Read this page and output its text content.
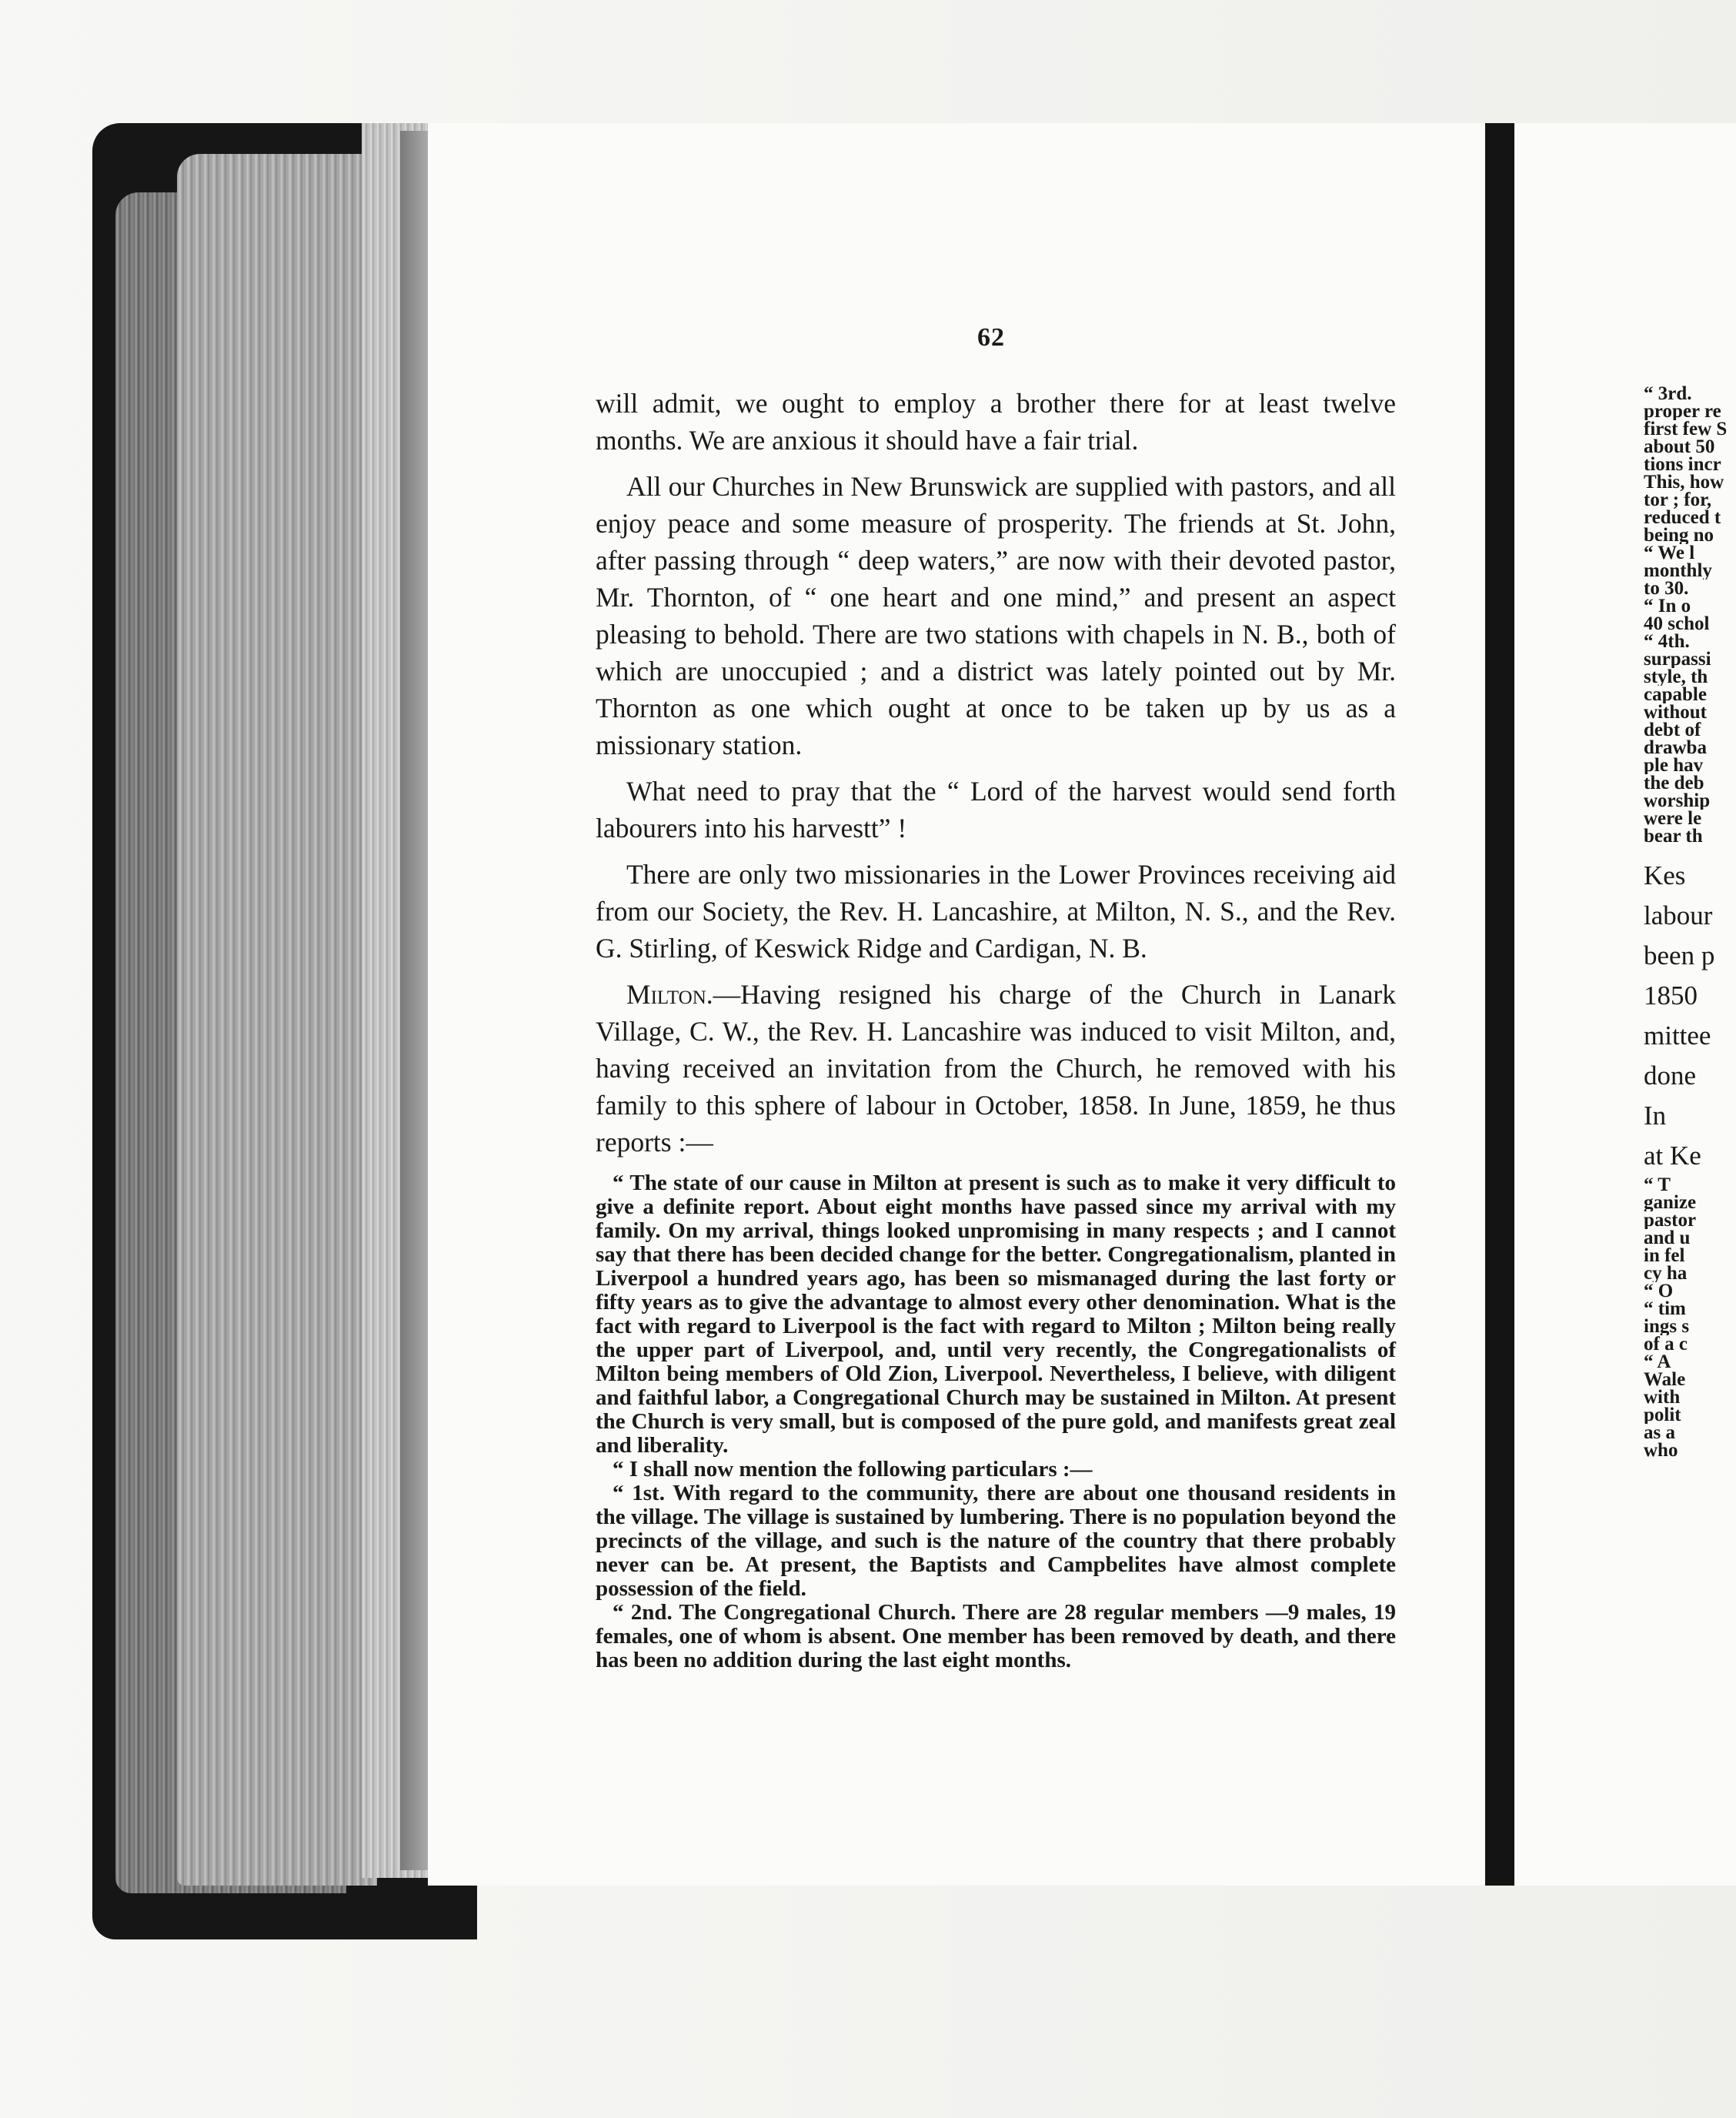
62

will admit, we ought to employ a brother there for at least twelve months. We are anxious it should have a fair trial.

All our Churches in New Brunswick are supplied with pastors, and all enjoy peace and some measure of prosperity. The friends at St. John, after passing through “ deep waters,” are now with their devoted pastor, Mr. Thornton, of “ one heart and one mind,” and present an aspect pleasing to behold. There are two stations with chapels in N. B., both of which are unoccupied ; and a district was lately pointed out by Mr. Thornton as one which ought at once to be taken up by us as a missionary station.

What need to pray that the “ Lord of the harvest would send forth labourers into his harvestt” !

There are only two missionaries in the Lower Provinces receiving aid from our Society, the Rev. H. Lancashire, at Milton, N. S., and the Rev. G. Stirling, of Keswick Ridge and Cardigan, N. B.

Milton.—Having resigned his charge of the Church in Lanark Village, C. W., the Rev. H. Lancashire was induced to visit Milton, and, having received an invitation from the Church, he removed with his family to this sphere of labour in October, 1858. In June, 1859, he thus reports :—

“ The state of our cause in Milton at present is such as to make it very difficult to give a definite report. About eight months have passed since my arrival with my family. On my arrival, things looked unpromising in many respects ; and I cannot say that there has been decided change for the better. Congregationalism, planted in Liverpool a hundred years ago, has been so mismanaged during the last forty or fifty years as to give the advantage to almost every other denomination. What is the fact with regard to Liverpool is the fact with regard to Milton ; Milton being really the upper part of Liverpool, and, until very recently, the Congregationalists of Milton being members of Old Zion, Liverpool. Nevertheless, I believe, with diligent and faithful labor, a Congregational Church may be sustained in Milton. At present the Church is very small, but is composed of the pure gold, and manifests great zeal and liberality.

“ I shall now mention the following particulars :—

“ 1st. With regard to the community, there are about one thousand residents in the village. The village is sustained by lumbering. There is no population beyond the precincts of the village, and such is the nature of the country that there probably never can be. At present, the Baptists and Campbelites have almost complete possession of the field.

“ 2nd. The Congregational Church. There are 28 regular members —9 males, 19 females, one of whom is absent. One member has been removed by death, and there has been no addition during the last eight months.

“ 3rd.
proper re
first few S
about 50
tions incr
This, how
tor ; for,
reduced t
being no
“ We l
monthly
to 30.
“ In o
40 schol
“ 4th.
surpassi
style, th
capable
without
debt of
drawba
ple hav
the deb
worship
were le
bear th
Kes
labour
been p
1850
mittee
done
In
at Ke
“ T
ganize
pastor
and u
in fel
cy ha
“ O
“ tim
ings s
of a c
“ A
Wale
with
polit
as a
who
